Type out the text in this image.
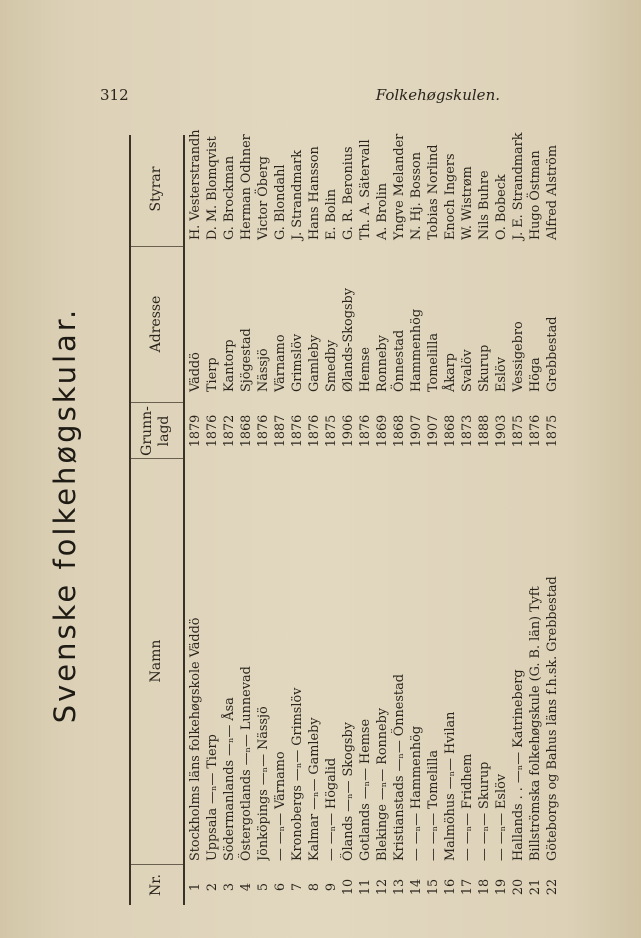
312	Folkehøgskulen.
Svenske folkehøgskular.
Nr.
Namn
Grunn- lagd
Adresse
Styrar
1
Stockholms läns folkehøgskole Väddö
1879
Väddö
H. Vesterstrandh
2
Uppsala —ₙ— Tierp
1876
Tierp
D. M. Blomqvist
3
Södermanlands —ₙ— Åsa
1872
Kantorp
G. Brockman
4
Östergotlands —ₙ— Lunnevad
1868
Sjögestad
Herman Odhner
5
Jönköpings —ₙ— Nässjö
1876
Nässjö
Victor Öberg
6
— —ₙ— Värnamo
1887
Värnamo
G. Blondahl
7
Kronobergs —ₙ— Grimslöv
1876
Grimslöv
J. Strandmark
8
Kalmar —ₙ— Gamleby
1876
Gamleby
Hans Hansson
9
— —ₙ— Högalid
1875
Smedby
E. Bolin
10
Ölands —ₙ— Skogsby
1906
Ølands-Skogsby
G. R. Beronius
11
Gotlands —ₙ— Hemse
1876
Hemse
Th. A. Sätervall
12
Blekinge —ₙ— Ronneby
1869
Ronneby
A. Brolin
13
Kristianstads —ₙ— Önnestad
1868
Önnestad
Yngve Melander
14
— —ₙ— Hammenhög
1907
Hammenhög
N. Hj. Bosson
15
— —ₙ— Tomelilla
1907
Tomelilla
Tobias Norlind
16
Malmöhus —ₙ— Hvilan
1868
Åkarp
Enoch Ingers
17
— —ₙ— Fridhem
1873
Svalöv
W. Wistrøm
18
— —ₙ— Skurup
1888
Skurup
Nils Buhre
19
— —ₙ— Eslöv
1903
Eslöv
O. Bobeck
20
Hallands . . —ₙ— Katrineberg
1875
Vessigebro
J. E. Strandmark
21
Billströmska folkehøgskule (G. B. län) Tyft
1876
Höga
Hugo Östman
22
Göteborgs og Bahus läns f.h.sk. Grebbestad
1875
Grebbestad
Alfred Alström
